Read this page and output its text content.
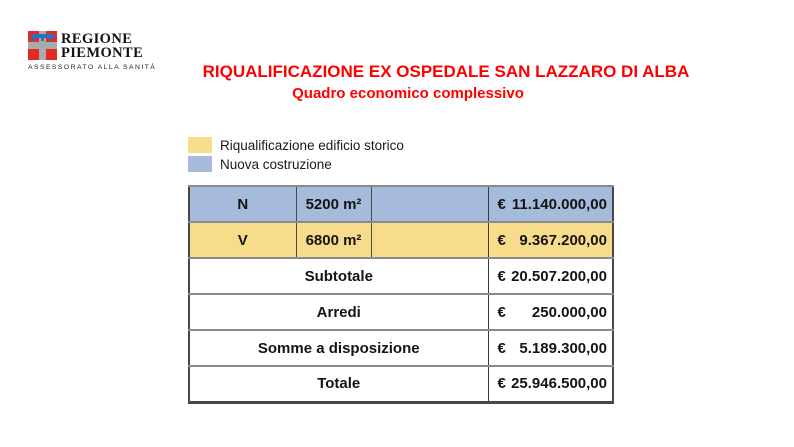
REGIONE
PIEMONTE
ASSESSORATO ALLA SANITÀ	RIQUALIFICAZIONE EX OSPEDALE SAN LAZZARO DI ALBA
Quadro economico complessivo
Riqualificazione edificio storico
Nuova costruzione
N	5200 m²		€ 11.140.000,00

V	6800 m²		€ 9.367.200,00

Subtotale			€ 20.507.200,00

Arredi			€ 250.000,00

Somme a disposizione			€ 5.189.300,00

Totale			€ 25.946.500,00
